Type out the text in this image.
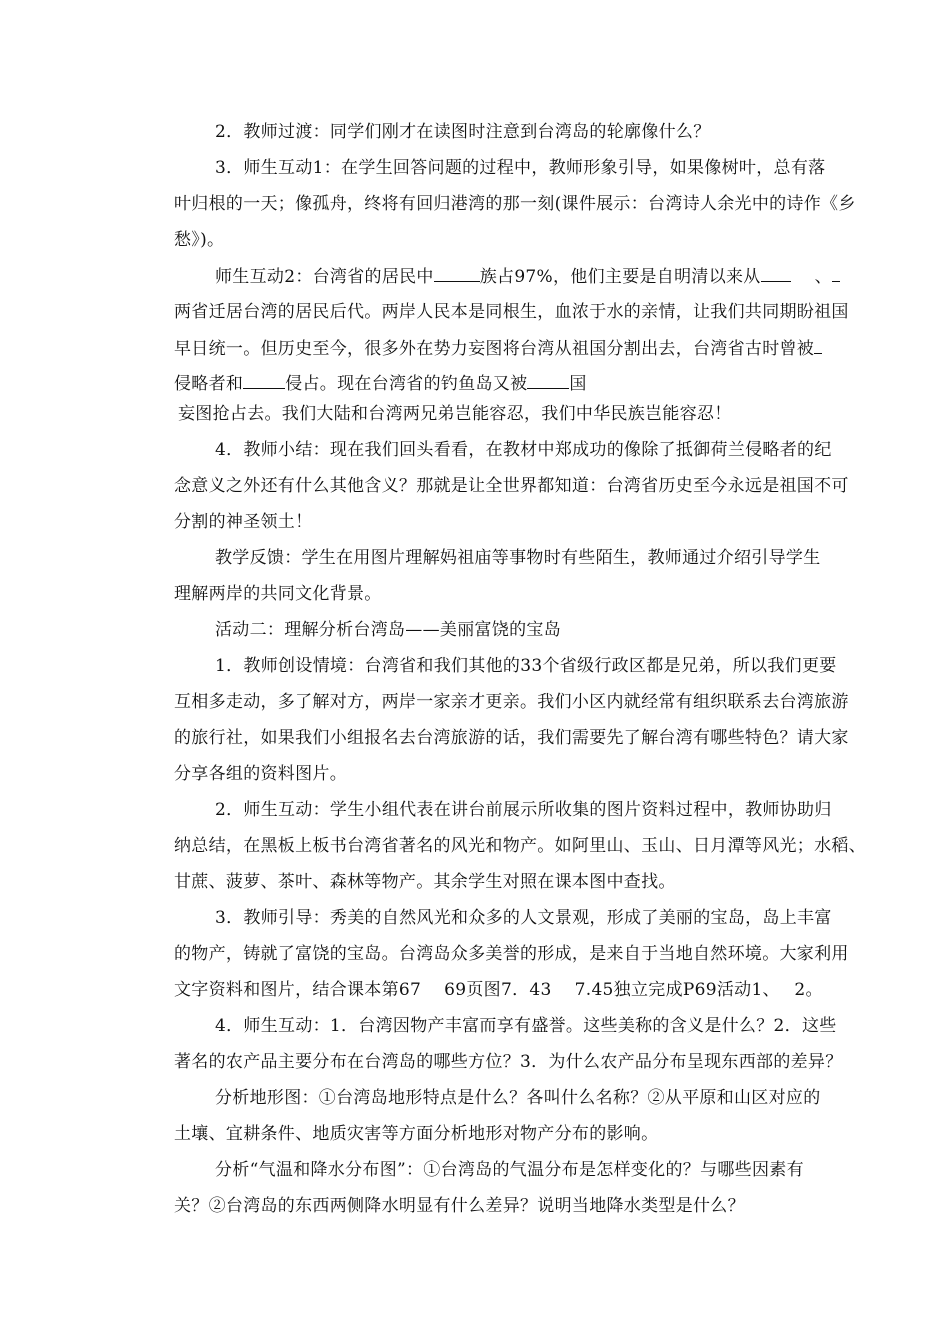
2．教师过渡：同学们刚才在读图时注意到台湾岛的轮廓像什么？
3．师生互动1：在学生回答问题的过程中，教师形象引导，如果像树叶，总有落
叶归根的一天；像孤舟，终将有回归港湾的那一刻(课件展示：台湾诗人余光中的诗作《乡
愁》)。
师生互动2：台湾省的居民中	族占97%，他们主要是自明清以来从	、
两省迁居台湾的居民后代。两岸人民本是同根生，血浓于水的亲情，让我们共同期盼祖国
早日统一。但历史至今，很多外在势力妄图将台湾从祖国分割出去，台湾省古时曾被
侵略者和 侵占。现在台湾省的钓鱼岛又被 国
妄图抢占去。我们大陆和台湾两兄弟岂能容忍，我们中华民族岂能容忍！
4．教师小结：现在我们回头看看，在教材中郑成功的像除了抵御荷兰侵略者的纪
念意义之外还有什么其他含义？那就是让全世界都知道：台湾省历史至今永远是祖国不可
分割的神圣领土！
教学反馈：学生在用图片理解妈祖庙等事物时有些陌生，教师通过介绍引导学生
理解两岸的共同文化背景。
活动二：理解分析台湾岛——美丽富饶的宝岛
1．教师创设情境：台湾省和我们其他的33个省级行政区都是兄弟，所以我们更要
互相多走动，多了解对方，两岸一家亲才更亲。我们小区内就经常有组织联系去台湾旅游
的旅行社，如果我们小组报名去台湾旅游的话，我们需要先了解台湾有哪些特色？请大家
分享各组的资料图片。
2．师生互动：学生小组代表在讲台前展示所收集的图片资料过程中，教师协助归
纳总结，在黑板上板书台湾省著名的风光和物产。如阿里山、玉山、日月潭等风光；水稻、
甘蔗、菠萝、茶叶、森林等物产。其余学生对照在课本图中查找。
3．教师引导：秀美的自然风光和众多的人文景观，形成了美丽的宝岛，岛上丰富
的物产，铸就了富饶的宝岛。台湾岛众多美誉的形成，是来自于当地自然环境。大家利用
文字资料和图片，结合课本第67　 69页图7．43　 7.45独立完成P69活动1、　 2。
4．师生互动：1．台湾因物产丰富而享有盛誉。这些美称的含义是什么？2．这些
著名的农产品主要分布在台湾岛的哪些方位？3．为什么农产品分布呈现东西部的差异？
分析地形图：①台湾岛地形特点是什么？各叫什么名称？②从平原和山区对应的
土壤、宜耕条件、地质灾害等方面分析地形对物产分布的影响。
分析“气温和降水分布图”：①台湾岛的气温分布是怎样变化的？与哪些因素有
关？②台湾岛的东西两侧降水明显有什么差异？说明当地降水类型是什么？
